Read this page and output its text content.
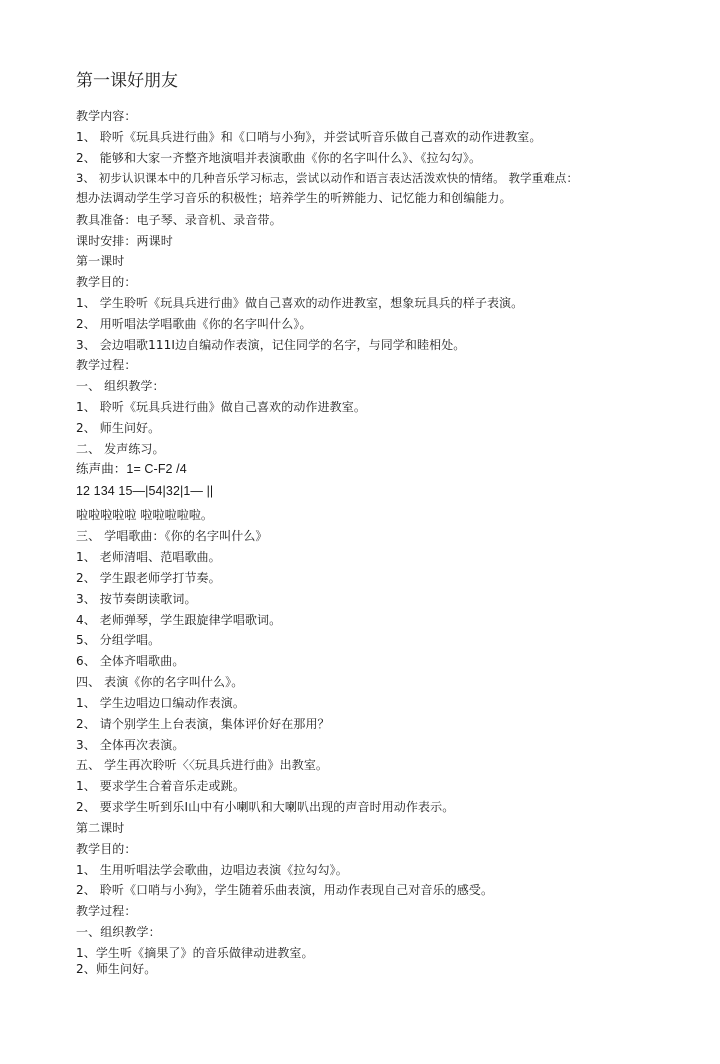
第一课好朋友
教学内容：
1、 聆听《玩具兵进行曲》和《口哨与小狗》，并尝试听音乐做自己喜欢的动作进教室。
2、 能够和大家一齐整齐地演唱并表演歌曲《你的名字叫什么》、《拉勾勾》。
3、 初步认识课本中的几种音乐学习标志，尝试以动作和语言表达活泼欢快的情绪。 教学重难点：
想办法调动学生学习音乐的积极性；培养学生的听辨能力、记忆能力和创编能力。
教具准备：电子琴、录音机、录音带。
课时安排：两课时
第一课时
教学目的：
1、 学生聆听《玩具兵进行曲》做自己喜欢的动作进教室，想象玩具兵的样子表演。
2、 用听唱法学唱歌曲《你的名字叫什么》。
3、 会边唱歌111I边自编动作表演，记住同学的名字，与同学和睦相处。
教学过程：
一、 组织教学：
1、 聆听《玩具兵进行曲》做自己喜欢的动作进教室。
2、 师生问好。
二、 发声练习。
练声曲：1= C-F2 /4
12 134 15—|54|32|1— ||
啦啦啦啦啦 啦啦啦啦啦。
三、 学唱歌曲：《你的名字叫什么》
1、 老师清唱、范唱歌曲。
2、 学生跟老师学打节奏。
3、 按节奏朗读歌词。
4、 老师弹琴，学生跟旋律学唱歌词。
5、 分组学唱。
6、 全体齐唱歌曲。
四、 表演《你的名字叫什么》。
1、 学生边唱边口编动作表演。
2、 请个别学生上台表演，集体评价好在那用？
3、 全体再次表演。
五、 学生再次聆听〈〈玩具兵进行曲》出教室。
1、 要求学生合着音乐走或跳。
2、 要求学生听到乐I山中有小喇叭和大喇叭出现的声音时用动作表示。
第二课时
教学目的：
1、 生用听唱法学会歌曲，边唱边表演《拉勾勾》。
2、 聆听《口哨与小狗》，学生随着乐曲表演，用动作表现自己对音乐的感受。
教学过程：
一、组织教学：
1、学生听《摘果了》的音乐做律动进教室。
2、师生问好。
